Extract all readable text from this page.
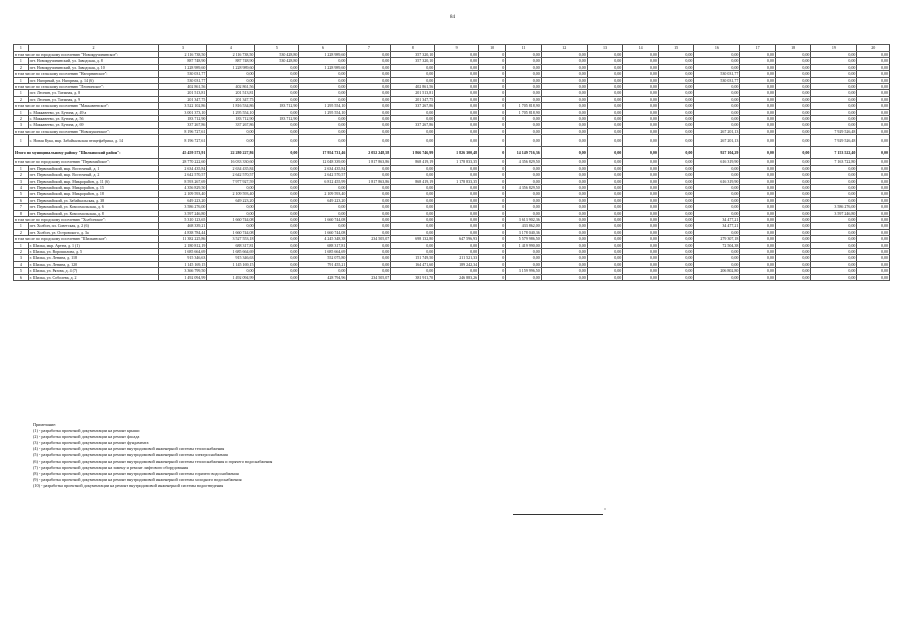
84
1	2	3	4	5	6	7	8	9	10	11	12	13	14	15	16	17	18	19	20
в том числе по городскому поселению "Новокручининское":		2 116 738,50	2 116 738,50	530 428,80	1 228 989,60	0,00	357 320,10	0,00	0	0,00	0,00	0,00	0,00	0,00	0,00	0,00	0,00	0,00	0,00
1	пгт. Новокручининский, ул. Заводская, д. 8	887 748,90	887 748,90	530 428,80	0,00	0,00	357 320,10	0,00	0	0,00	0,00	0,00	0,00	0,00	0,00	0,00	0,00	0,00	0,00
2	пгт. Новокручининский, ул. Заводская, д. 10	1 228 989,60	1 228 989,60	0,00	1 228 989,60	0,00	0,00	0,00	0	0,00	0,00	0,00	0,00	0,00	0,00	0,00	0,00	0,00	0,00
в том числе по сельскому поселению "Нагорнинское":		530 031,77	0,00	0,00	0,00	0,00	0,00	0,00	0	0,00	0,00	0,00	0,00	0,00	530 031,77	0,00	0,00	0,00	0,00
1	пст. Нагорный, ул. Нагорная, д. 14 (6)	530 031,77	0,00	0,00	0,00	0,00	0,00	0,00	0	0,00	0,00	0,00	0,00	0,00	530 031,77	0,00	0,00	0,00	0,00
в том числе по сельскому поселению "Леонинское":		402 861,56	402 861,56	0,00	0,00	0,00	402 861,56	0,00	0	0,00	0,00	0,00	0,00	0,00	0,00	0,00	0,00	0,00	0,00
1	пст. Леонин, ул. Таежная, д. 8	201 513,81	201 513,81	0,00	0,00	0,00	201 513,81	0,00	0	0,00	0,00	0,00	0,00	0,00	0,00	0,00	0,00	0,00	0,00
2	пст. Леонин, ул. Таежная, д. 9	201 347,75	201 347,75	0,00	0,00	0,00	201 347,75	0,00	0	0,00	0,00	0,00	0,00	0,00	0,00	0,00	0,00	0,00	0,00
в том числе по сельскому поселению "Маккавеевское":		3 522 102,86	1 816 534,86	183 712,90	1 295 554,10	0,00	337 267,86	0,00	0	1 705 818,90	0,00	0,00	0,00	0,00	0,00	0,00	0,00	0,00	0,00
1	с. Маккавеево, ул. Бутина, д. 49 а	3 001 373,10	1 295 554,10	0,00	1 295 554,10	0,00	0,00	0,00	0	1 705 818,90	0,00	0,00	0,00	0,00	0,00	0,00	0,00	0,00	0,00
2	с. Маккавеево, ул. Бутина, д. 56	183 712,90	183 712,90	183 712,90	0,00	0,00	0,00	0,00	0	0,00	0,00	0,00	0,00	0,00	0,00	0,00	0,00	0,00	0,00
3	с. Маккавеево, ул. Бутина, д. 69	337 267,86	337 267,86	0,00	0,00	0,00	337 267,86	0,00	0	0,00	0,00	0,00	0,00	0,00	0,00	0,00	0,00	0,00	0,00
в том числе по сельскому поселению "Новокукинское":		8 196 727,61	0,00	0,00	0,00	0,00	0,00	0,00	0	0,00	0,00	0,00	0,00	0,00	267 201,13	0,00	0,00	7 929 526,48	0,00
1	с. Новая Кука, мкр. Забайкальская птицефабрика, д. 14	8 196 727,61	0,00	0,00	0,00	0,00	0,00	0,00	0	0,00	0,00	0,00	0,00	0,00	267 201,13	0,00	0,00	7 929 526,48	0,00
Итого по муниципальному району "Шилкинский район":		45 459 573,91	22 280 227,86	0,00	17 954 731,46	2 052 248,58	1 866 746,99	1 826 300,48	0	14 149 716,36	0,00	0,00	0,00	0,00	927 104,29	0,00	0,00	7 153 522,40	0,00
в том числе по городскому поселению "Первомайское":		28 770 222,60	16 033 330,60	0,00	12 048 339,00	1 817 863,86	868 419,19	1 178 833,35	0	4 356 829,50	0,00	0,00	0,00	0,00	616 319,90	0,00	0,00	7 163 722,80	0,00
1	пгт. Первомайский, мкр. Восточный, д. 1	2 634 435,84	2 634 435,84	0,00	2 634 435,84	0,00	0,00	0,00	0	0,00	0,00	0,00	0,00	0,00	0,00	0,00	0,00	0,00	0,00
2	пгт. Первомайский, мкр. Восточный, д. 2	2 642 570,57	2 642 570,57	0,00	2 642 570,57	0,00	0,00	0,00	0	0,00	0,00	0,00	0,00	0,00	0,00	0,00	0,00	0,00	0,00
3	пгт. Первомайский, мкр. Микрорайон, д. 11 (6)	8 593 267,69	7 977 927,59	0,00	6 812 455,99	1 817 863,86	868 419,19	1 178 833,35	0	0,00	0,00	0,00	0,00	0,00	616 319,90	0,00	0,00	0,00	0,00
4	пгт. Первомайский, мкр. Микрорайон, д. 15	4 356 829,50	0,00	0,00	0,00	0,00	0,00	0,00	0	4 356 829,50	0,00	0,00	0,00	0,00	0,00	0,00	0,00	0,00	0,00
5	пгт. Первомайский, мкр. Микрорайон, д. 18	2 109 593,40	2 109 593,40	0,00	2 109 593,40	0,00	0,00	0,00	0	0,00	0,00	0,00	0,00	0,00	0,00	0,00	0,00	0,00	0,00
6	пгт. Первомайский, ул. Забайкальская, д. 38	649 223,20	649 223,20	0,00	649 223,20	0,00	0,00	0,00	0	0,00	0,00	0,00	0,00	0,00	0,00	0,00	0,00	0,00	0,00
7	пгт. Первомайский, ул. Комсомольская, д. 6	3 586 276,00	0,00	0,00	0,00	0,00	0,00	0,00	0	0,00	0,00	0,00	0,00	0,00	0,00	0,00	0,00	3 586 276,00	0,00
8	пгт. Первомайский, ул. Комсомольская, д. 8	3 597 246,80	0,00	0,00	0,00	0,00	0,00	0,00	0	0,00	0,00	0,00	0,00	0,00	0,00	0,00	0,00	3 597 246,80	0,00
в том числе по городскому поселению "Холбонское":		5 310 123,65	1 660 744,08	0,00	1 660 744,08	0,00	0,00	0,00	0	3 613 902,36	0,00	0,00	0,00	0,00	34 477,21	0,00	0,00	0,00	0,00
1	пгт. Холбон, пл. Советская, д. 2 (6)	468 339,21	0,00	0,00	0,00	0,00	0,00	0,00	0	433 862,00	0,00	0,00	0,00	0,00	34 477,21	0,00	0,00	0,00	0,00
2	пгт. Холбон, ул. Островского, д. 3а	4 838 784,44	1 660 744,08	0,00	1 660 744,08	0,00	0,00	0,00	0	3 178 040,36	0,00	0,00	0,00	0,00	0,00	0,00	0,00	0,00	0,00
в том числе по городскому поселению "Шилкинское":		11 382 225,86	3 527 553,18	0,00	4 245 348,38	234 505,07	698 132,80	647 596,93	0	5 579 986,50	0,00	0,00	0,00	0,00	279 307,18	0,00	0,00	0,00	0,00
1	г. Шилка, мкр. Артем, д. 1 (1)	2 180 812,19	688 317,81	0,00	688 317,81	0,00	0,00	0,00	0	1 419 990,00	0,00	0,00	0,00	0,00	72 504,38	0,00	0,00	0,00	0,00
2	г. Шилка, ул. Ворошилова, д. 5	1 685 664,69	1 685 664,69	0,00	1 685 664,69	0,00	0,00	0,00	0	0,00	0,00	0,00	0,00	0,00	0,00	0,00	0,00	0,00	0,00
3	г. Шилка, ул. Ленина, д. 118	915 346,63	915 346,63	0,00	552 075,80	0,00	151 749,50	211 521,33	0	0,00	0,00	0,00	0,00	0,00	0,00	0,00	0,00	0,00	0,00
4	г. Шилка, ул. Ленина, д. 120	1 145 169,15	1 145 169,15	0,00	791 455,21	0,00	164 471,60	189 242,34	0	0,00	0,00	0,00	0,00	0,00	0,00	0,00	0,00	0,00	0,00
5	г. Шилка, ул. Рязова, д. 4 (7)	3 366 799,50	0,00	0,00	0,00	0,00	0,00	0,00	0	3 159 996,50	0,00	0,00	0,00	0,00	206 802,80	0,00	0,00	0,00	0,00
6	г. Шилка, ул. Соболева, д. 2	1 492 094,99	1 492 094,99	0,00	428 794,96	234 505,07	381 911,70	246 883,26	0	0,00	0,00	0,00	0,00	0,00	0,00	0,00	0,00	0,00	0,00
Примечание:
(1) - разработка проектной документации на ремонт крыши
(2) - разработка проектной документации на ремонт фасада
(3) - разработка проектной документации на ремонт фундамента
(4) - разработка проектной документации на ремонт внутридомовой инженерной системы теплоснабжения
(5) - разработка проектной документации на ремонт внутридомовой инженерной системы электроснабжения
(6) - разработка проектной документации на ремонт внутридомовой инженерной системы теплоснабжения и горячего водоснабжения
(7) - разработка проектной документации на замену и ремонт лифтового оборудования
(8) - разработка проектной документации на ремонт внутридомовой инженерной системы горячего водоснабжения
(9) - разработка проектной документации на ремонт внутридомовой инженерной системы холодного водоснабжения
(10) - разработка проектной документации на ремонт внутридомовой инженерной системы водоотведения
"
